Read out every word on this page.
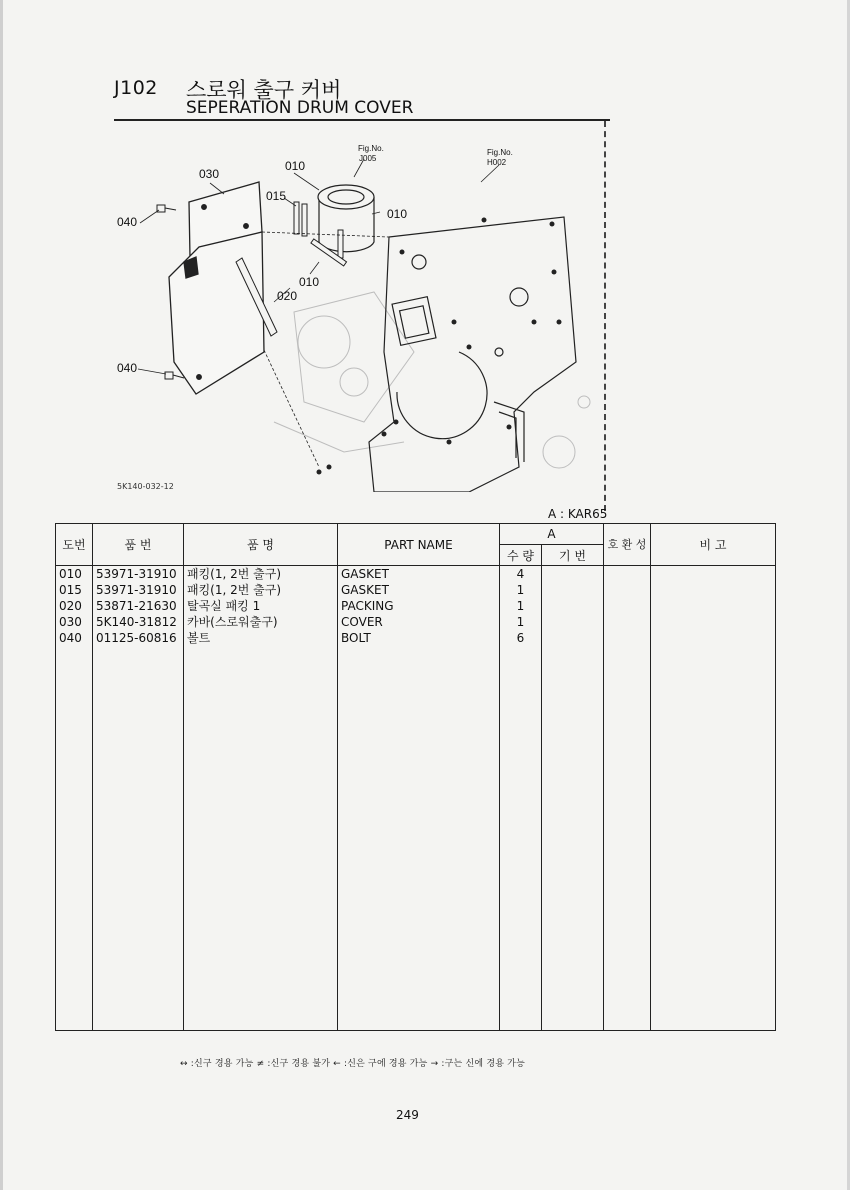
J102 스로워 출구 커버
SEPERATION DRUM COVER
030
010
015
010
040
020
010
040
Fig.No.
J005
Fig.No.
H002
5K140-032-12
A : KAR65
도번	품 번	품 명	PART NAME	A		호 환 성	비 고
				수 량	기 번		
010	53971-31910	패킹(1, 2번 출구)	GASKET	4			
015	53971-31910	패킹(1, 2번 출구)	GASKET	1			
020	53871-21630	탈곡실 패킹 1	PACKING	1			
030	5K140-31812	카바(스로워출구)	COVER	1			
040	01125-60816	볼트	BOLT	6			

↔ :신구 경용 가능 ≠ :신구 경용 불가 ← :신은 구에 경용 가능 → :구는 신에 경용 가능
249
